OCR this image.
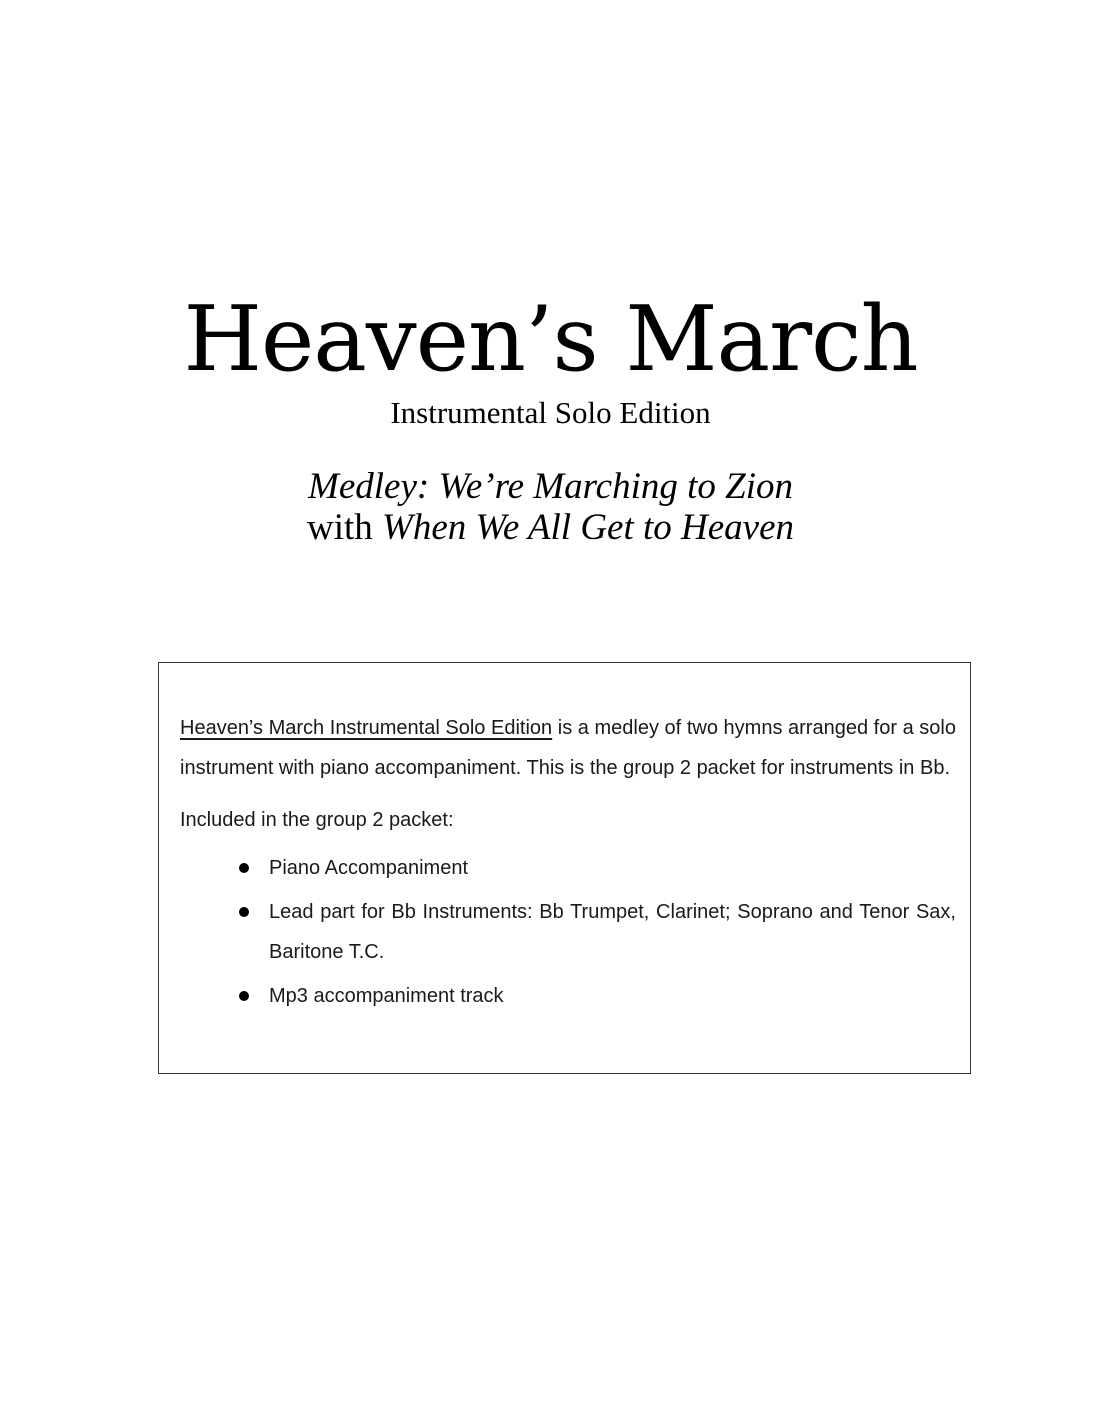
Heaven’s March

Instrumental Solo Edition

Medley: We’re Marching to Zion
with When We All Get to Heaven

Heaven’s March Instrumental Solo Edition is a medley of two hymns arranged for a solo instrument with piano accompaniment. This is the group 2 packet for instruments in Bb.

Included in the group 2 packet:

Piano Accompaniment
Lead part for Bb Instruments: Bb Trumpet, Clarinet; Soprano and Tenor Sax, Baritone T.C.
Mp3 accompaniment track
